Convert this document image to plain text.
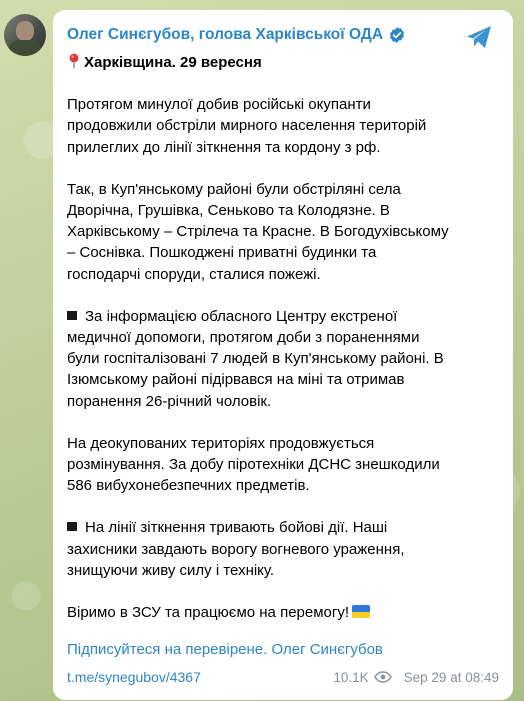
Олег Синєгубов, голова Харківської ОДА
Харківщина. 29 вересня
Протягом минулої добив російські окупанти
продовжили обстріли мирного населення територій
прилеглих до лінії зіткнення та кордону з рф.
Так, в Куп'янському районі були обстріляні села
Дворічна, Грушівка, Сеньково та Колодязне. В
Харківському – Стрілеча та Красне. В Богодухівському
– Соснівка. Пошкоджені приватні будинки та
господарчі споруди, сталися пожежі.
За інформацією обласного Центру екстреної
медичної допомоги, протягом доби з пораненнями
були госпіталізовані 7 людей в Куп'янському районі. В
Ізюмському районі підірвався на міні та отримав
поранення 26-річний чоловік.
На деокупованих територіях продовжується
розмінування. За добу піротехніки ДСНС знешкодили
586 вибухонебезпечних предметів.
На лінії зіткнення тривають бойові дії. Наші
захисники завдають ворогу вогневого ураження,
знищуючи живу силу і техніку.
Віримо в ЗСУ та працюємо на перемогу!
Підписуйтеся на перевірене. Олег Синєгубов
t.me/synegubov/4367	10.1K	Sep 29 at 08:49
